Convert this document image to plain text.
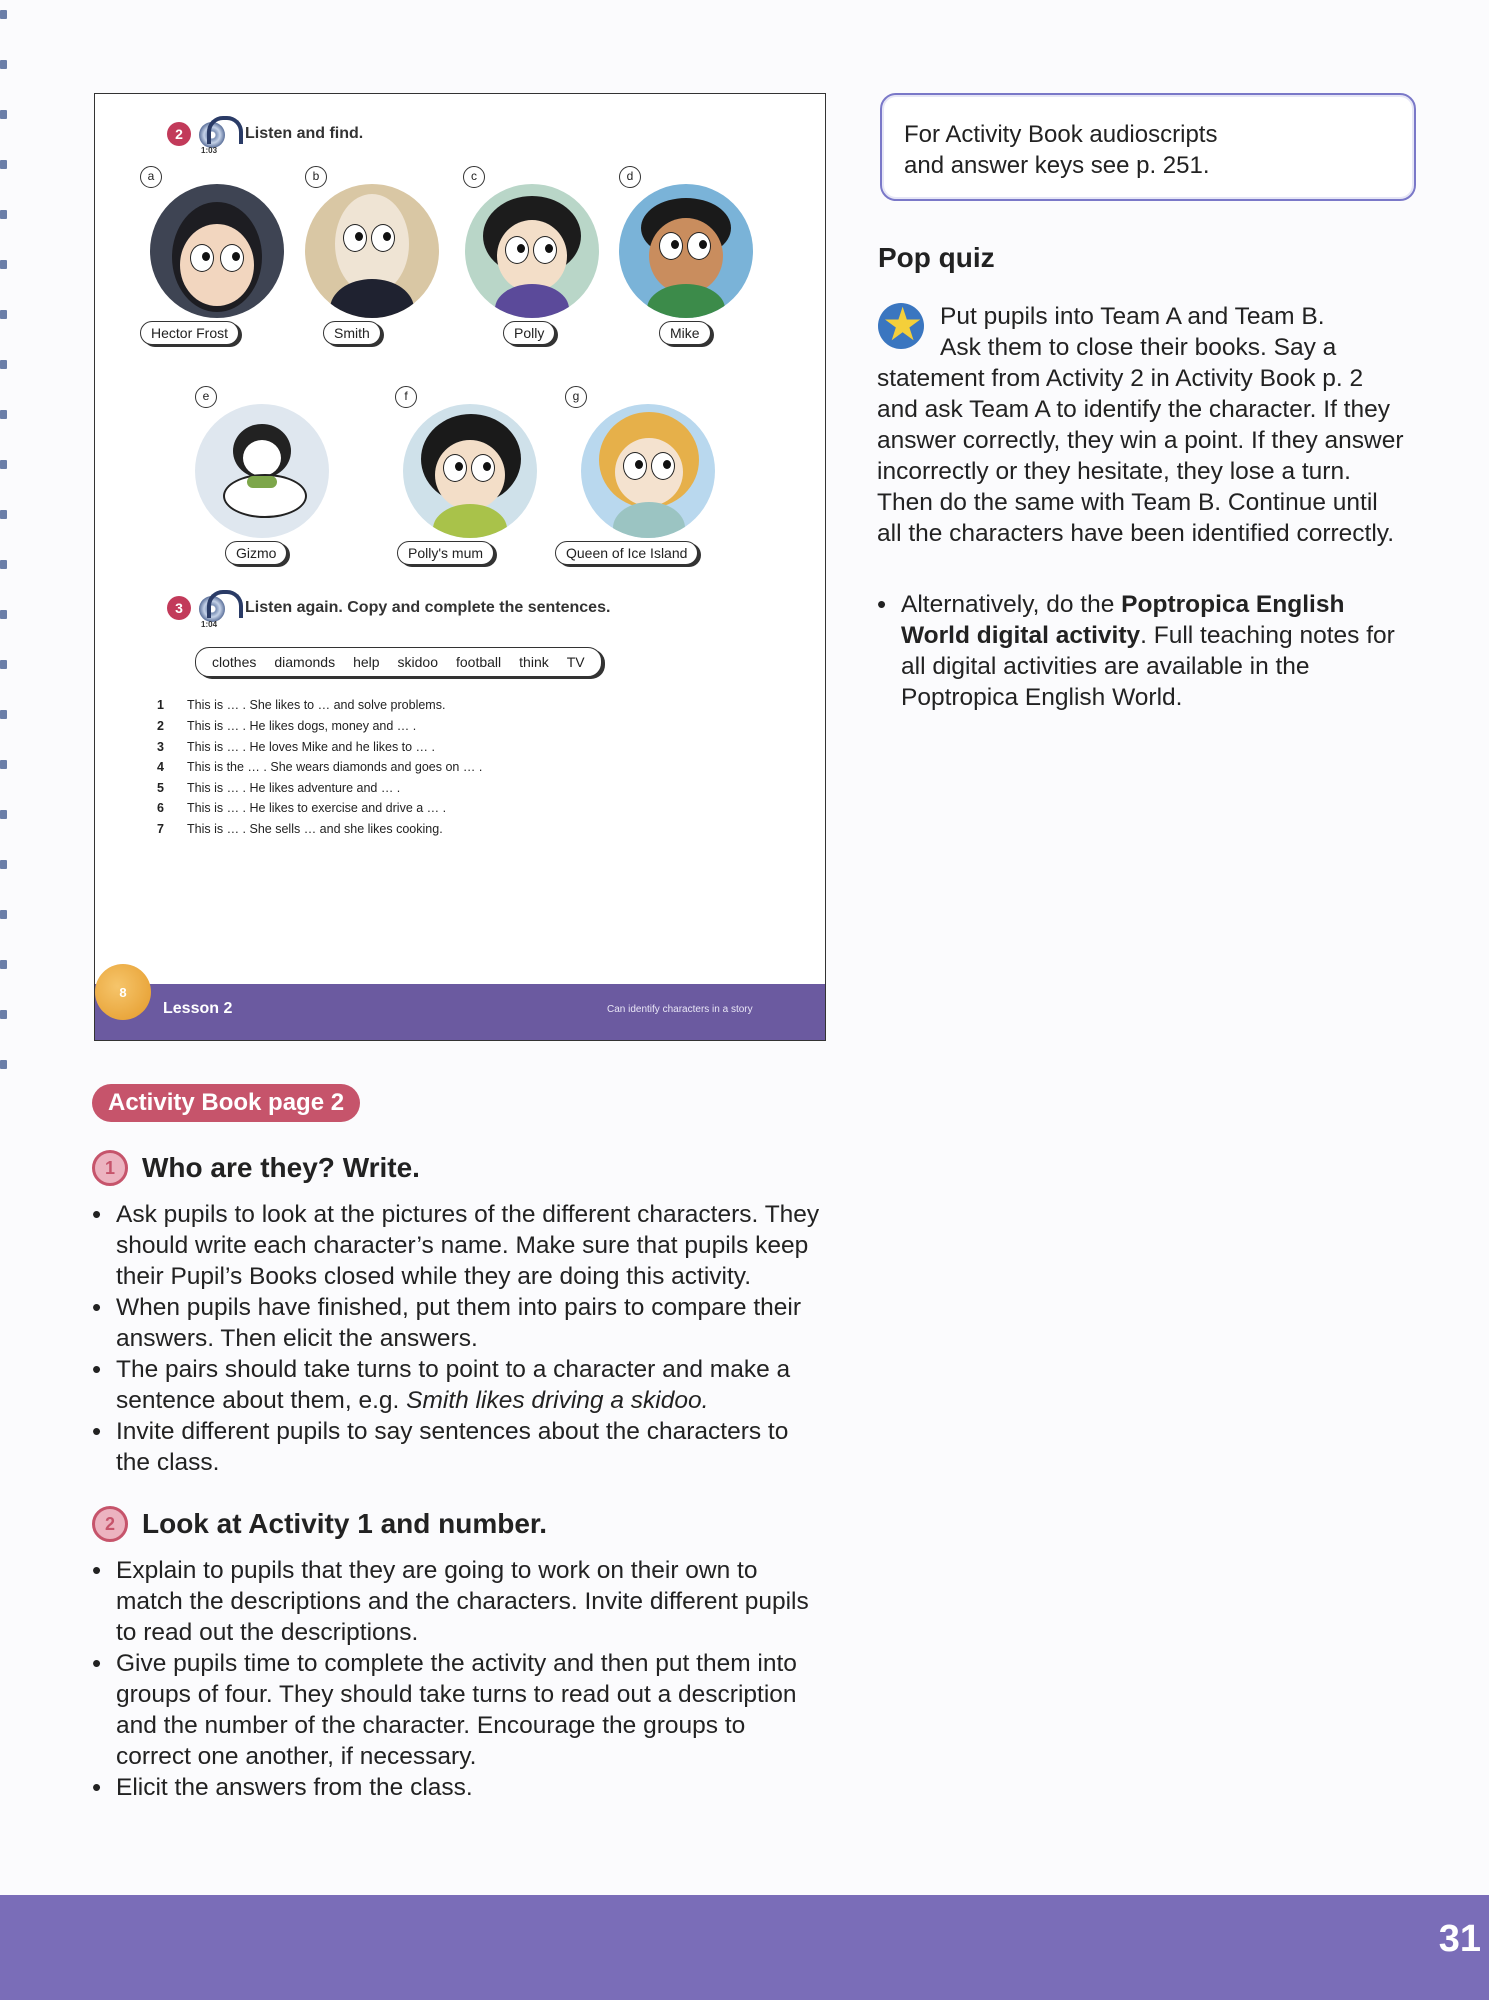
2
1:03
Listen and find.
a
Hector Frost
b
Smith
c
Polly
d
Mike
e
Gizmo
f
Polly's mum
g
Queen of Ice Island
3
1:04
Listen again. Copy and complete the sentences.
clothes diamonds help skidoo football think TV
1 This is … . She likes to … and solve problems.
2 This is … . He likes dogs, money and … .
3 This is … . He loves Mike and he likes to … .
4 This is the … . She wears diamonds and goes on … .
5 This is … . He likes adventure and … .
6 This is … . He likes to exercise and drive a … .
7 This is … . She sells … and she likes cooking.
Lesson 2	Can identify characters in a story
8

For Activity Book audioscripts
and answer keys see p. 251.

Pop quiz
★
Put pupils into Team A and Team B.
Ask them to close their books. Say a
statement from Activity 2 in Activity Book p. 2 and ask Team A to identify the character. If they answer correctly, they win a point. If they answer incorrectly or they hesitate, they lose a turn. Then do the same with Team B. Continue until all the characters have been identified correctly.
• Alternatively, do the Poptropica English World digital activity. Full teaching notes for all digital activities are available in the Poptropica English World.
Activity Book page 2
1 Who are they? Write.
• Ask pupils to look at the pictures of the different characters. They should write each character’s name. Make sure that pupils keep their Pupil’s Books closed while they are doing this activity.
• When pupils have finished, put them into pairs to compare their answers. Then elicit the answers.
• The pairs should take turns to point to a character and make a sentence about them, e.g. Smith likes driving a skidoo.
• Invite different pupils to say sentences about the characters to the class.
2 Look at Activity 1 and number.
• Explain to pupils that they are going to work on their own to match the descriptions and the characters. Invite different pupils to read out the descriptions.
• Give pupils time to complete the activity and then put them into groups of four. They should take turns to read out a description and the number of the character. Encourage the groups to correct one another, if necessary.
• Elicit the answers from the class.
31
